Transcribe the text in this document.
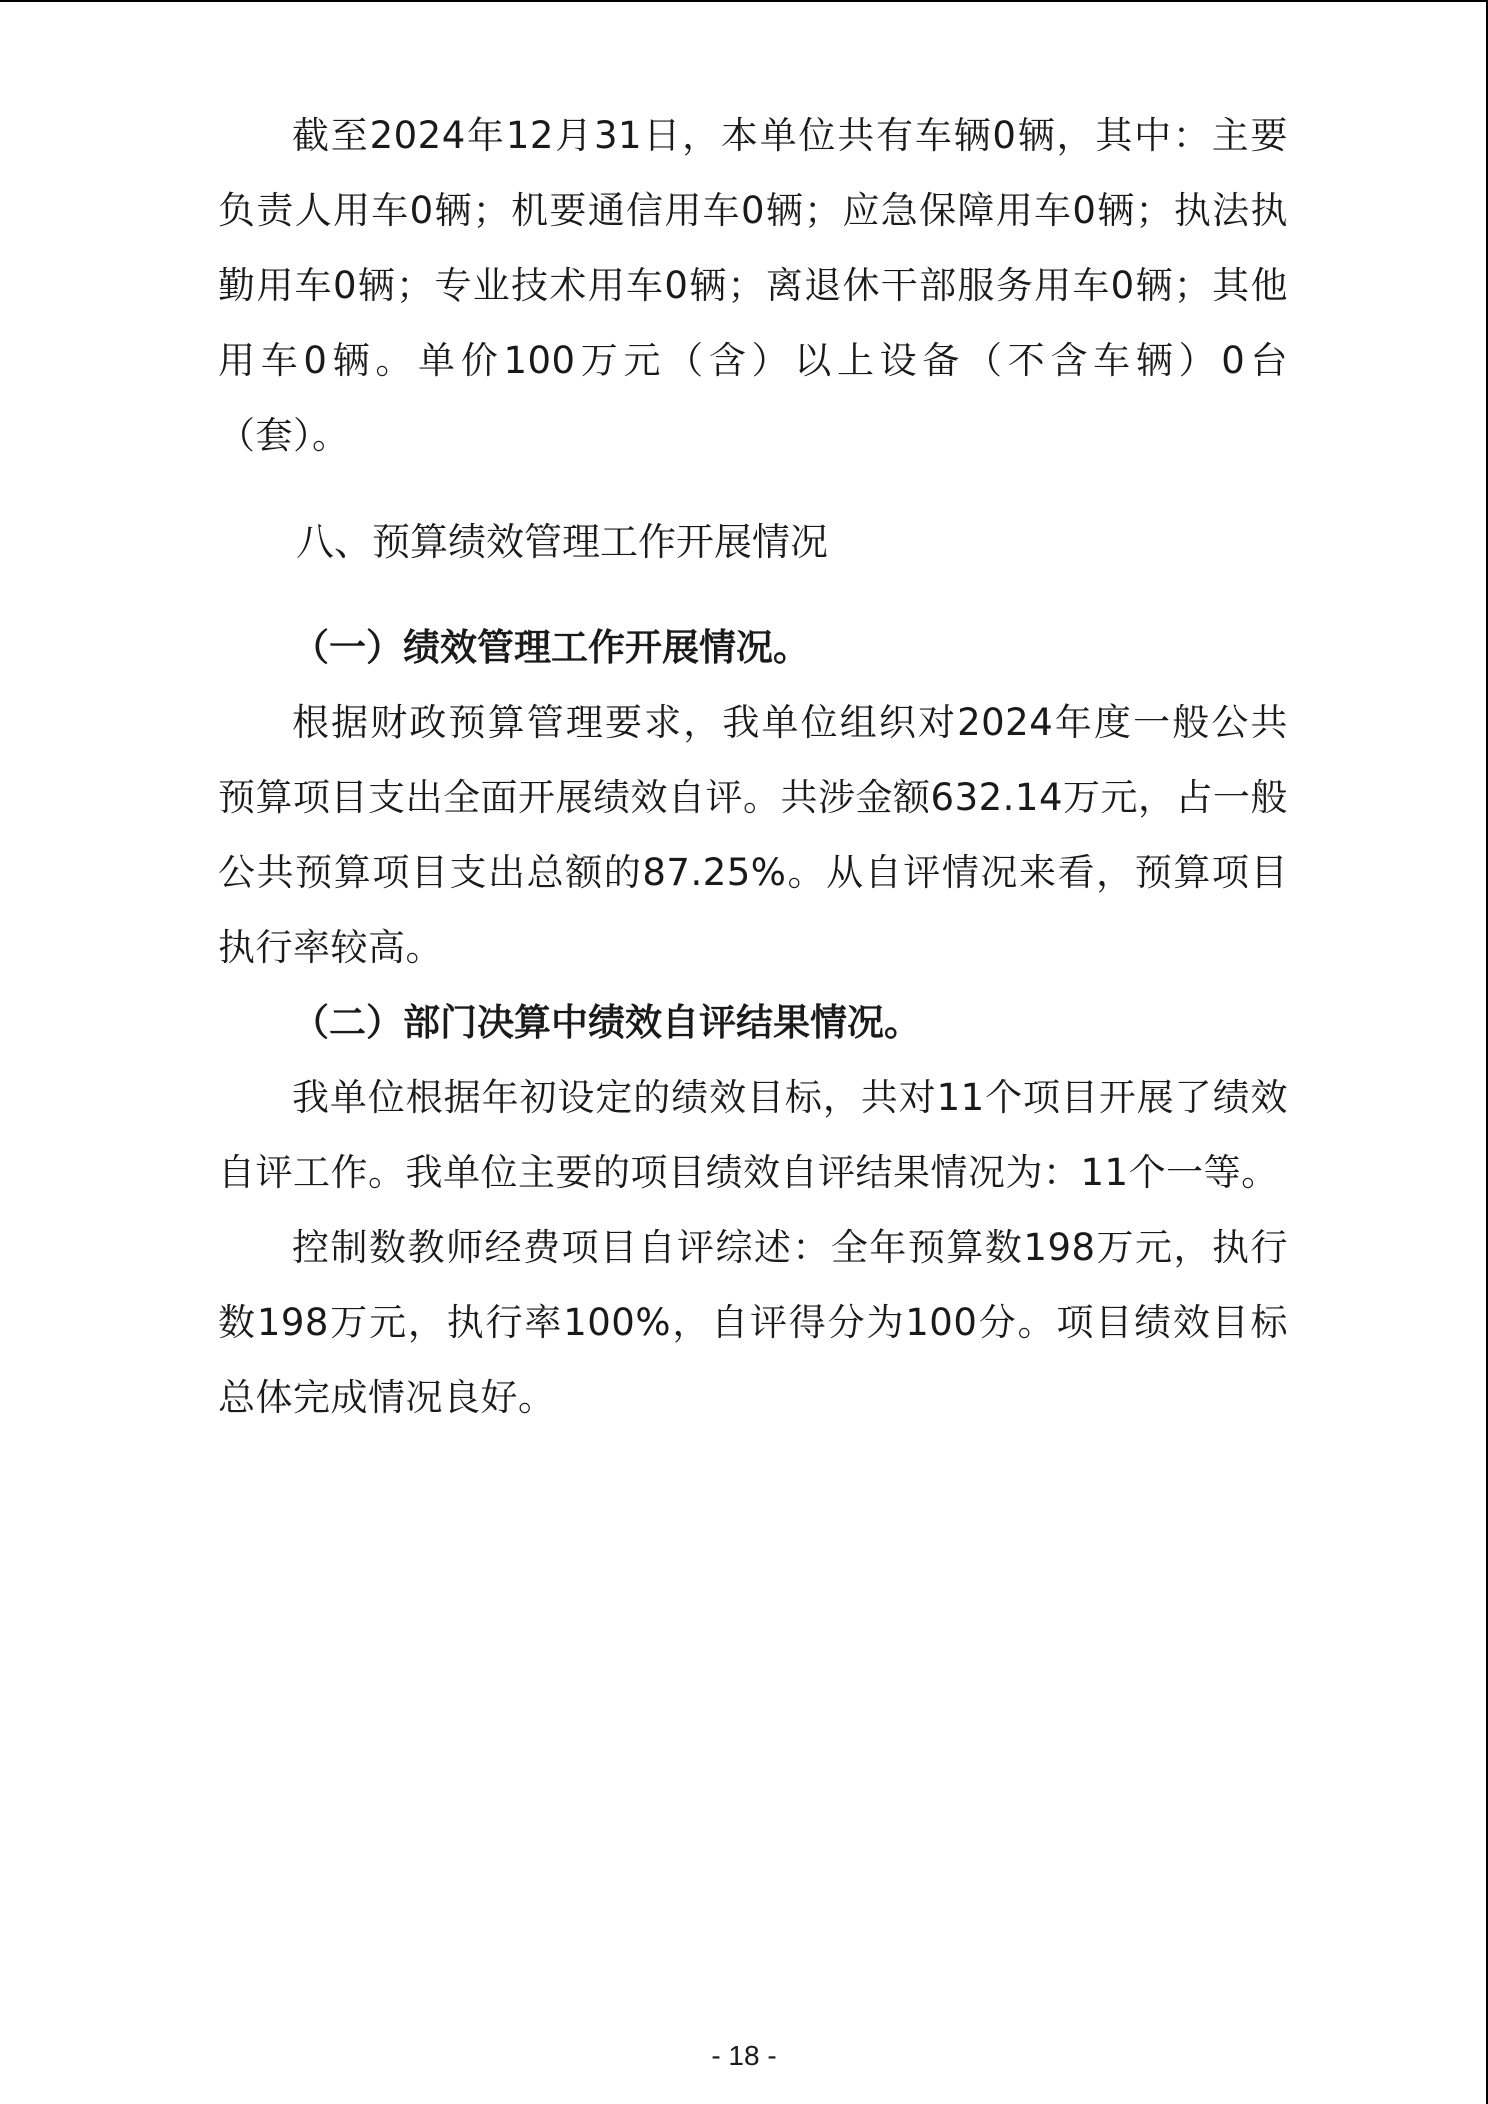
截至2024年12月31日，本单位共有车辆0辆，其中：主要负责人用车0辆；机要通信用车0辆；应急保障用车0辆；执法执勤用车0辆；专业技术用车0辆；离退休干部服务用车0辆；其他用车0辆。单价100万元（含）以上设备（不含车辆）0台（套）。

八、预算绩效管理工作开展情况
（一）绩效管理工作开展情况。

根据财政预算管理要求，我单位组织对2024年度一般公共预算项目支出全面开展绩效自评。共涉金额632.14万元，占一般公共预算项目支出总额的87.25%。从自评情况来看，预算项目执行率较高。

（二）部门决算中绩效自评结果情况。

我单位根据年初设定的绩效目标，共对11个项目开展了绩效自评工作。我单位主要的项目绩效自评结果情况为：11个一等。

控制数教师经费项目自评综述：全年预算数198万元，执行数198万元，执行率100%，自评得分为100分。项目绩效目标总体完成情况良好。

- 18 -
